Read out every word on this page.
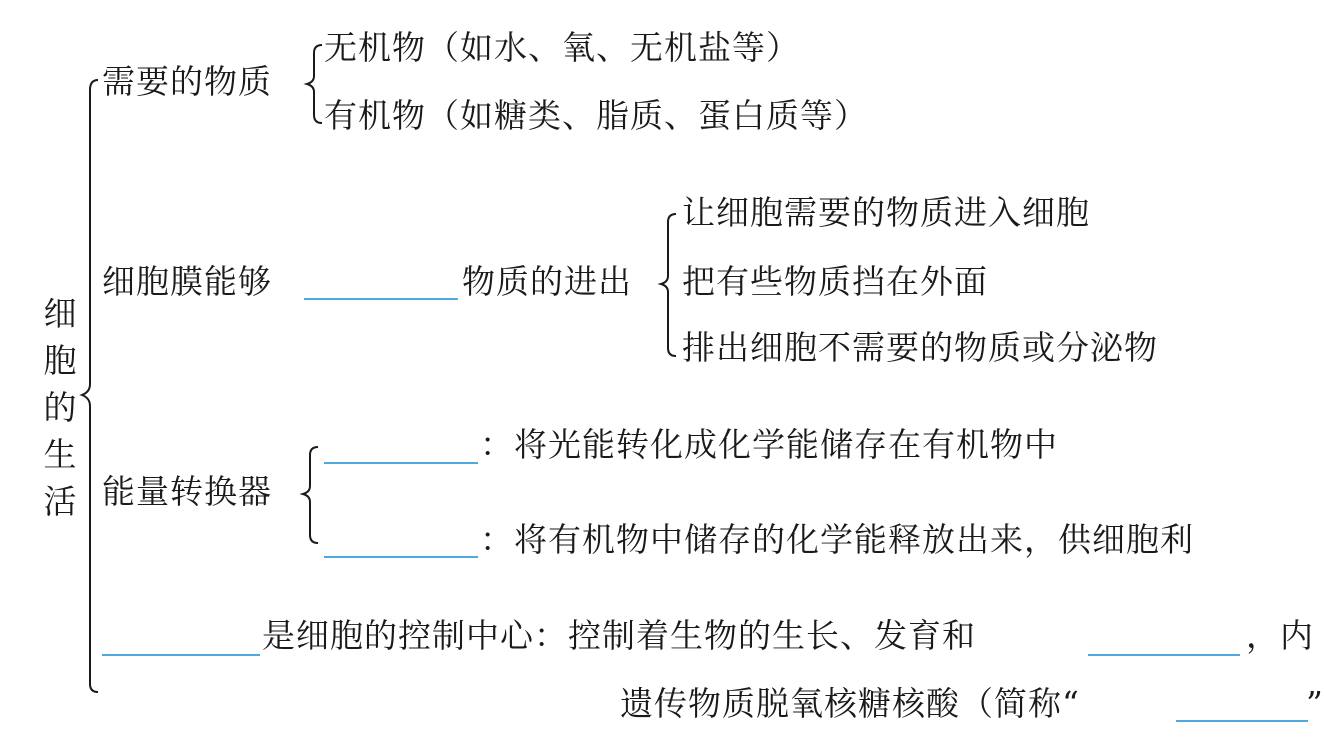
细
胞
的
生
活
需要的物质
无机物（如水、氧、无机盐等）
有机物（如糖类、脂质、蛋白质等）
细胞膜能够	物质的进出
让细胞需要的物质进入细胞
把有些物质挡在外面
排出细胞不需要的物质或分泌物
能量转换器
：将光能转化成化学能储存在有机物中
：将有机物中储存的化学能释放出来，供细胞利
是细胞的控制中心：控制着生物的生长、发育和	，内
遗传物质脱氧核糖核酸（简称“	”
